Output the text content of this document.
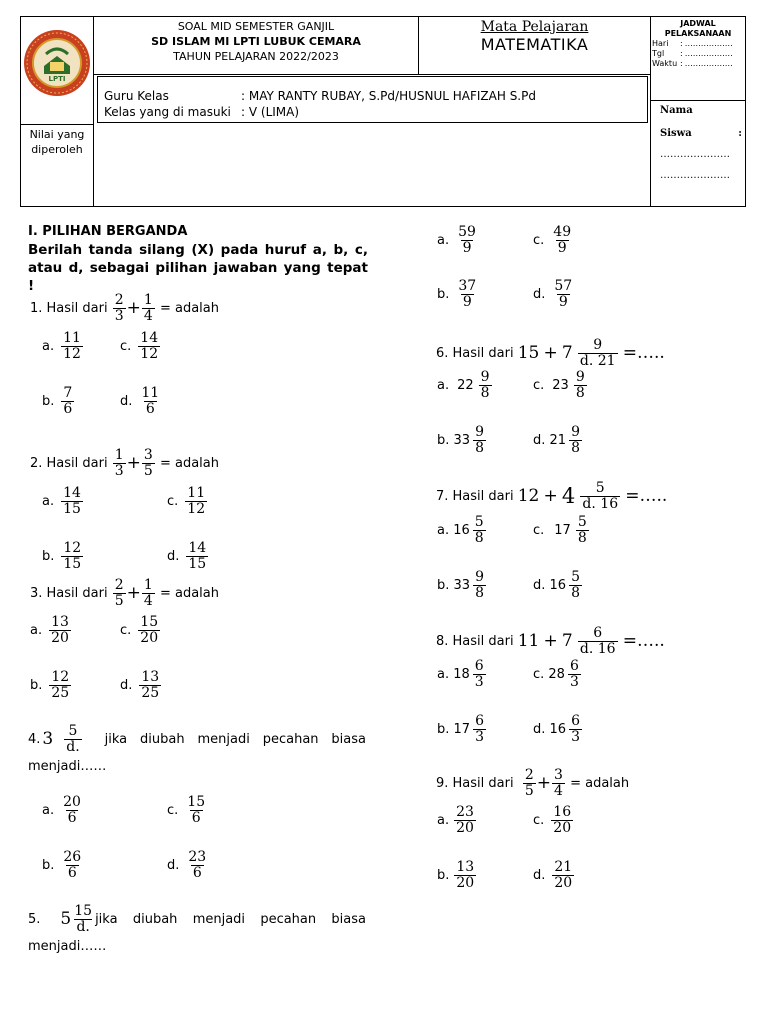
LPTI
SOAL MID SEMESTER GANJIL
SD ISLAM MI LPTI LUBUK CEMARA
TAHUN PELAJARAN 2022/2023
Mata Pelajaran
MATEMATIKA
JADWAL PELAKSANAAN
Hari	: ………………
Tgl	: ………………
Waktu : ………………
Guru Kelas	: MAY RANTY RUBAY, S.Pd/HUSNUL HAFIZAH S.Pd
Kelas yang di masuki : V (LIMA)
Nilai yang diperoleh
Nama
Siswa	:
…………………
…………………
I. PILIHAN BERGANDA
Berilah tanda silang (X) pada huruf a, b, c, atau d, sebagai pilihan jawaban yang tepat !
1. Hasil dari
$\frac{2}{3} + \frac{1}{4}$
= adalah
a. $\frac{11}{12}$	c. $\frac{14}{12}$
b. $\frac{7}{6}$	d. $\frac{11}{6}$
2. Hasil dari
$\frac{1}{3} + \frac{3}{5}$
= adalah
a. $\frac{14}{15}$	c. $\frac{11}{12}$
b. $\frac{12}{15}$	d. $\frac{14}{15}$
3. Hasil dari
$\frac{2}{5} + \frac{1}{4}$
= adalah
a. $\frac{13}{20}$	c. $\frac{15}{20}$
b. $\frac{12}{25}$	d. $\frac{13}{25}$
4. $3 \frac{5}{d.}$ jika diubah menjadi pecahan biasa
menjadi……
a. $\frac{20}{6}$	c. $\frac{15}{6}$
b. $\frac{26}{6}$	d. $\frac{23}{6}$
5. $5 \frac{15}{d.}$ jika diubah menjadi pecahan biasa
menjadi……
a. $\frac{59}{9}$	c. $\frac{49}{9}$
b. $\frac{37}{9}$	d. $\frac{57}{9}$
6. Hasil dari
15
+
7
$\frac{9}{d. 21}$
=…..
a. $22 \frac{9}{8}$	c. $23 \frac{9}{8}$
b. $33 \frac{9}{8}$	d. $21 \frac{9}{8}$
7. Hasil dari
12
+
4
$\frac{5}{d. 16}$
=…..
a. $16 \frac{5}{8}$	c. $17 \frac{5}{8}$
b. $33 \frac{9}{8}$	d. $16 \frac{5}{8}$
8. Hasil dari
11
+
7
$\frac{6}{d. 16}$
=…..
a. $18 \frac{6}{3}$	c. $28 \frac{6}{3}$
b. $17 \frac{6}{3}$	d. $16 \frac{6}{3}$
9. Hasil dari
$\frac{2}{5} + \frac{3}{4}$
= adalah
a. $\frac{23}{20}$	c. $\frac{16}{20}$
b. $\frac{13}{20}$	d. $\frac{21}{20}$
